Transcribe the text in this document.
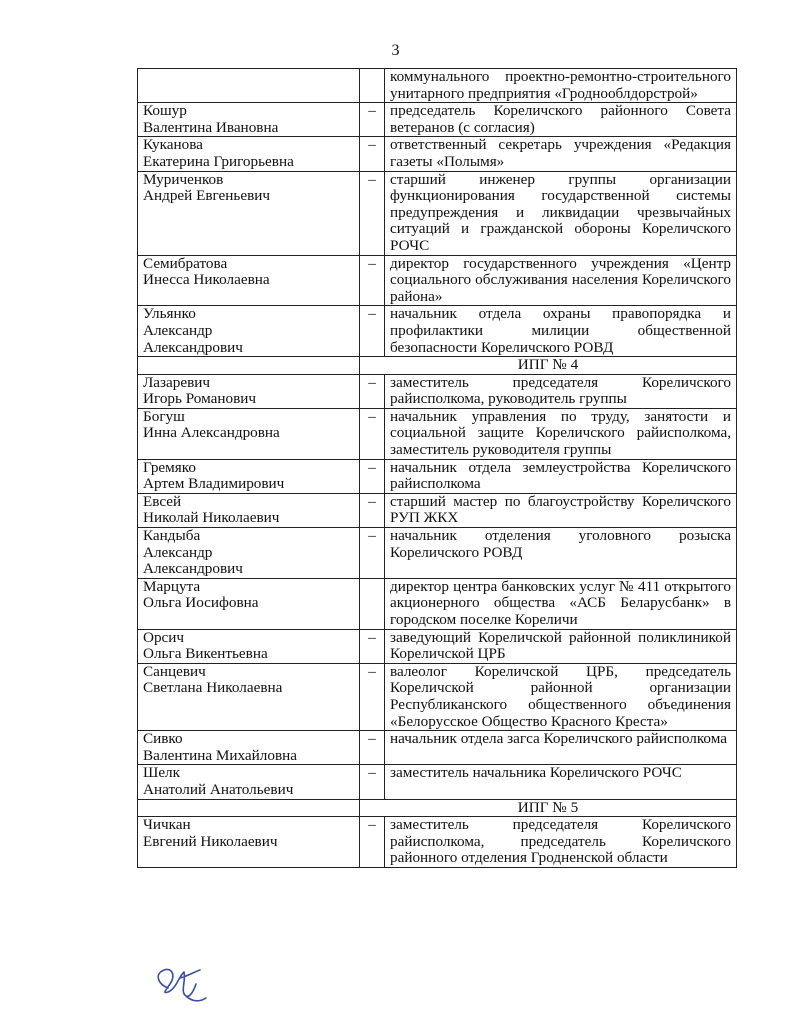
3
		коммунального проектно-ремонтно-строительного унитарного предприятия «Гродноoблдорстрой»

Кошур
Валентина Ивановна	–	председатель Кореличского районного Совета ветеранов (с согласия)

Куканова
Екатерина Григорьевна	–	ответственный секретарь учреждения «Редакция газеты «Полымя»

Муриченков
Андрей Евгеньевич	–	старший инженер группы организации функционирования государственной системы предупреждения и ликвидации чрезвычайных ситуаций и гражданской обороны Кореличского РОЧС

Семибратова
Инесса Николаевна	–	директор государственного учреждения «Центр социального обслуживания населения Кореличского района»

Ульянко
Александр
Александрович	–	начальник отдела охраны правопорядка и профилактики милиции общественной безопасности Кореличского РОВД
	ИПГ № 4	

Лазаревич
Игорь Романович	–	заместитель председателя Кореличского райисполкома, руководитель группы

Богуш
Инна Александровна	–	начальник управления по труду, занятости и социальной защите Кореличского райисполкома, заместитель руководителя группы

Гремяко
Артем Владимирович	–	начальник отдела землеустройства Кореличского райисполкома

Евсей
Николай Николаевич	–	старший мастер по благоустройству Кореличского РУП ЖКХ

Кандыба
Александр
Александрович	–	начальник отделения уголовного розыска Кореличского РОВД

Марцута
Ольга Иосифовна		директор центра банковских услуг № 411 открытого акционерного общества «АСБ Беларусбанк» в городском поселке Кореличи

Орсич
Ольга Викентьевна	–	заведующий Кореличской районной поликлиникой Кореличской ЦРБ

Санцевич
Светлана Николаевна	–	валеолог Кореличской ЦРБ, председатель Кореличской районной организации Республиканского общественного объединения «Белорусское Общество Красного Креста»

Сивко
Валентина Михайловна	–	начальник отдела загса Кореличского райисполкома

Шелк
Анатолий Анатольевич	–	заместитель начальника Кореличского РОЧС
	ИПГ № 5	

Чичкан
Евгений Николаевич	–	заместитель председателя Кореличского райисполкома, председатель Кореличского районного отделения Гродненской области
